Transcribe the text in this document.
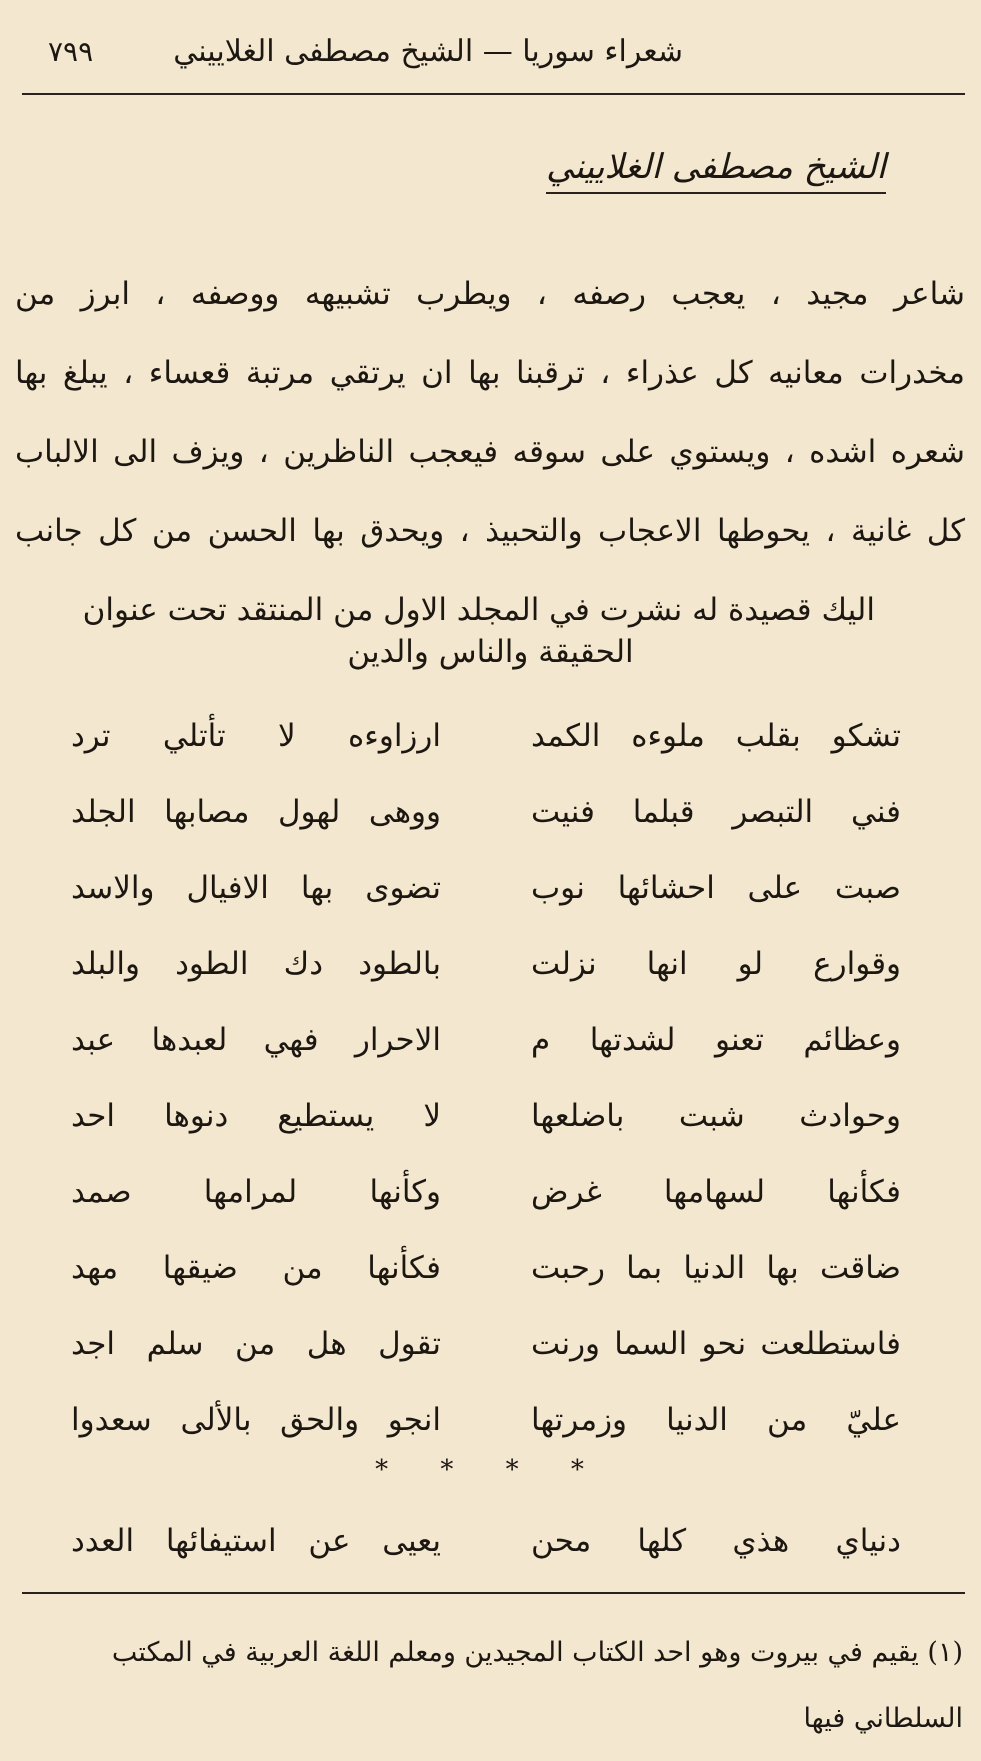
شعراء سوريا — الشيخ مصطفى الغلاييني
٧٩٩
الشيخ مصطفى الغلاييني

شاعر مجيد ، يعجب رصفه ، ويطرب تشبيهه ووصفه ، ابرز من
مخدرات معانيه كل عذراء ، ترقبنا بها ان يرتقي مرتبة قعساء ، يبلغ بها
شعره اشده ، ويستوي على سوقه فيعجب الناظرين ، ويزف الى الالباب
كل غانية ، يحوطها الاعجاب والتحبيذ ، ويحدق بها الحسن من كل جانب
اليك قصيدة له نشرت في المجلد الاول من المنتقد تحت عنوان

الحقيقة والناس والدين
تشكو بقلب ملوءه الكمد
ارزاوءه لا تأتلي ترد
فني التبصر قبلما فنيت
ووهى لهول مصابها الجلد
صبت على احشائها نوب
تضوى بها الافيال والاسد
وقوارع لو انها نزلت
بالطود دك الطود والبلد
وعظائم تعنو لشدتها م
الاحرار فهي لعبدها عبد
وحوادث شبت باضلعها
لا يستطيع دنوها احد
فكأنها لسهامها غرض
وكأنها لمرامها صمد
ضاقت بها الدنيا بما رحبت
فكأنها من ضيقها مهد
فاستطلعت نحو السما ورنت
تقول هل من سلم اجد
عليّ من الدنيا وزمرتها
انجو والحق بالألى سعدوا
دنياي هذي كلها محن
يعيى عن استيفائها العدد
* * * *
(١) يقيم في بيروت وهو احد الكتاب المجيدين ومعلم اللغة العربية في المكتب
السلطاني فيها
